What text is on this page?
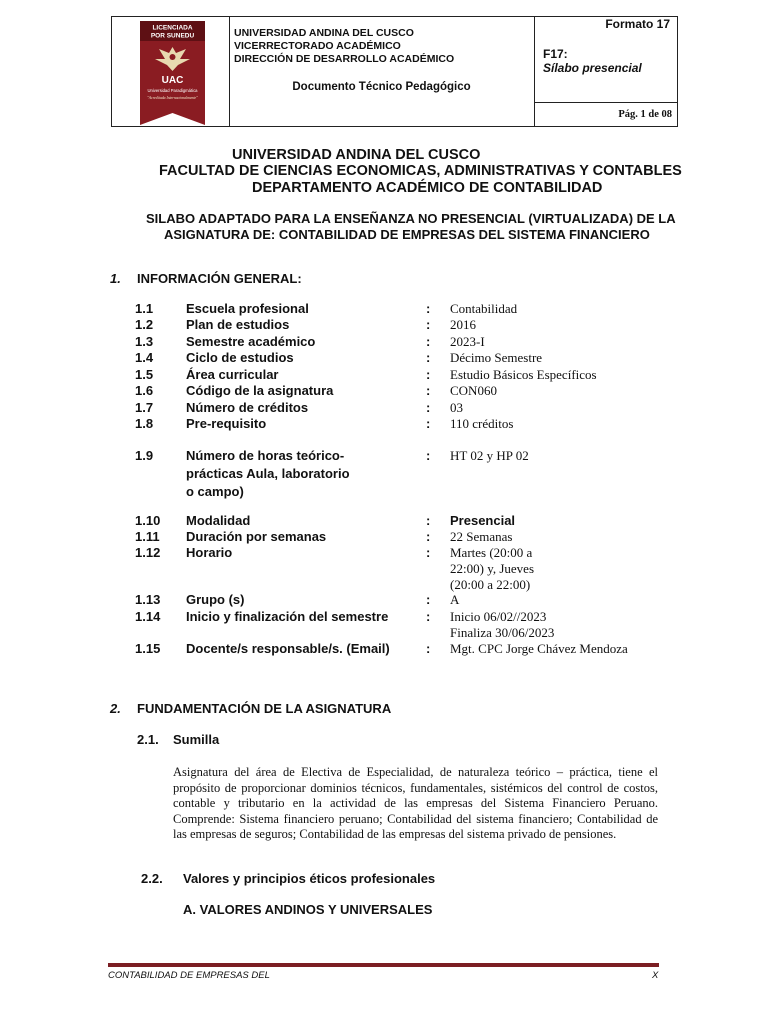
LICENCIADA
POR SUNEDU
UAC
Universidad Paradigmática
"Acreditada Internacionalmente"
UNIVERSIDAD ANDINA DEL CUSCO
VICERRECTORADO ACADÉMICO
DIRECCIÓN DE DESARROLLO ACADÉMICO
Documento Técnico Pedagógico
Formato 17
F17:
Sílabo presencial
Pág. 1 de 08
UNIVERSIDAD ANDINA DEL CUSCO
FACULTAD DE CIENCIAS ECONOMICAS, ADMINISTRATIVAS Y CONTABLES
DEPARTAMENTO ACADÉMICO DE CONTABILIDAD
SILABO ADAPTADO PARA LA ENSEÑANZA NO PRESENCIAL (VIRTUALIZADA) DE LA
ASIGNATURA DE: CONTABILIDAD DE EMPRESAS DEL SISTEMA FINANCIERO
1. INFORMACIÓN GENERAL:
1.1	Escuela profesional	: Contabilidad
1.2	Plan de estudios	: 2016
1.3	Semestre académico	: 2023-I
1.4	Ciclo de estudios	: Décimo Semestre
1.5	Área curricular	: Estudio Básicos Específicos
1.6	Código de la asignatura	: CON060
1.7	Número de créditos	: 03
1.8	Pre-requisito	: 110 créditos
1.9	Número de horas teórico-
prácticas Aula, laboratorio
o campo)
: HT 02 y HP 02
1.10 Modalidad	: Presencial
1.11 Duración por semanas	: 22 Semanas
1.12 Horario	: Martes (20:00 a
22:00) y, Jueves
(20:00 a 22:00)
1.13 Grupo (s)	: A
1.14 Inicio y finalización del semestre	: Inicio 06/02//2023
Finaliza 30/06/2023
1.15 Docente/s responsable/s. (Email)	: Mgt. CPC Jorge Chávez Mendoza
2. FUNDAMENTACIÓN DE LA ASIGNATURA
2.1. Sumilla
Asignatura del área de Electiva de Especialidad, de naturaleza teórico – práctica, tiene el propósito de proporcionar dominios técnicos, fundamentales, sistémicos del control de costos, contable y tributario en la actividad de las empresas del Sistema Financiero Peruano. Comprende: Sistema financiero peruano; Contabilidad del sistema financiero; Contabilidad de las empresas de seguros; Contabilidad de las empresas del sistema privado de pensiones.
2.2. Valores y principios éticos profesionales
A. VALORES ANDINOS Y UNIVERSALES
CONTABILIDAD DE EMPRESAS DEL	X
